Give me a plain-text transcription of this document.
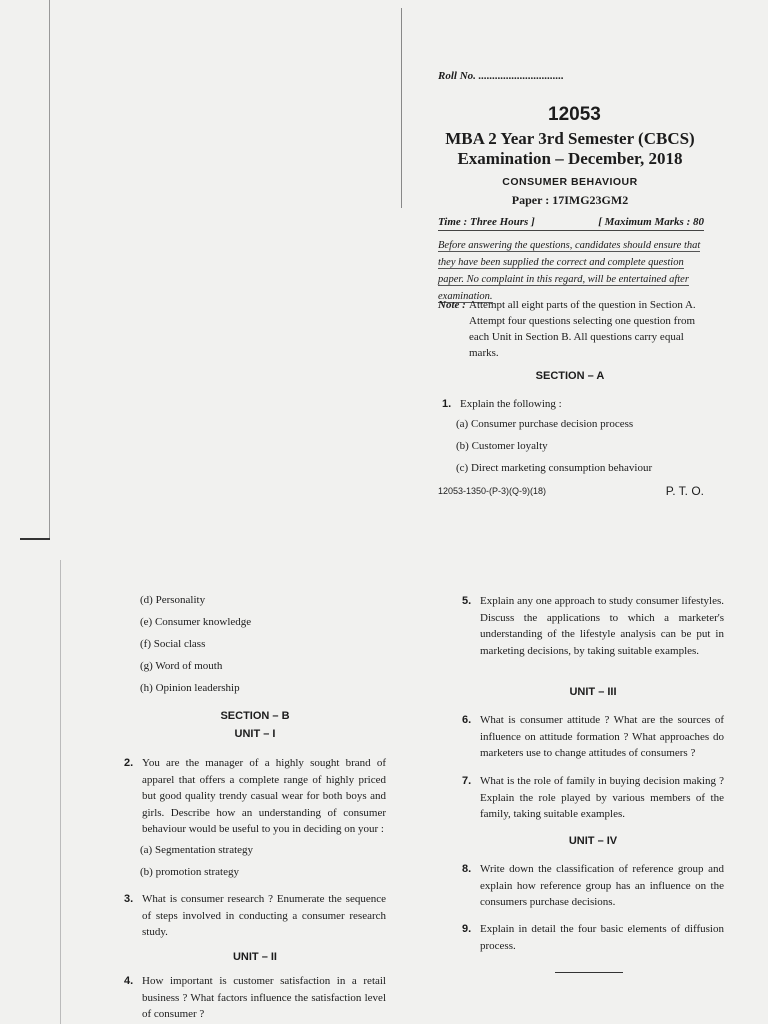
Roll No. ...............................
12053
MBA 2 Year 3rd Semester (CBCS)
Examination – December, 2018
CONSUMER BEHAVIOUR
Paper : 17IMG23GM2
Time : Three Hours ]	[ Maximum Marks : 80
Before answering the questions, candidates should ensure that they have been supplied the correct and complete question paper. No complaint in this regard, will be entertained after examination.
Note : Attempt all eight parts of the question in Section A. Attempt four questions selecting one question from each Unit in Section B. All questions carry equal marks.
SECTION – A
1. Explain the following :
(a) Consumer purchase decision process
(b) Customer loyalty
(c) Direct marketing consumption behaviour
12053-1350-(P-3)(Q-9)(18)	P. T. O.
(d) Personality
(e) Consumer knowledge
(f) Social class
(g) Word of mouth
(h) Opinion leadership
SECTION – B
UNIT – I
2. You are the manager of a highly sought brand of apparel that offers a complete range of highly priced but good quality trendy casual wear for both boys and girls. Describe how an understanding of consumer behaviour would be useful to you in deciding on your :
(a) Segmentation strategy
(b) promotion strategy
3. What is consumer research ? Enumerate the sequence of steps involved in conducting a consumer research study.
UNIT – II
4. How important is customer satisfaction in a retail business ? What factors influence the satisfaction level of consumer ?
5. Explain any one approach to study consumer lifestyles. Discuss the applications to which a marketer's understanding of the lifestyle analysis can be put in marketing decisions, by taking suitable examples.
UNIT – III
6. What is consumer attitude ? What are the sources of influence on attitude formation ? What approaches do marketers use to change attitudes of consumers ?
7. What is the role of family in buying decision making ? Explain the role played by various members of the family, taking suitable examples.
UNIT – IV
8. Write down the classification of reference group and explain how reference group has an influence on the consumers purchase decisions.
9. Explain in detail the four basic elements of diffusion process.
